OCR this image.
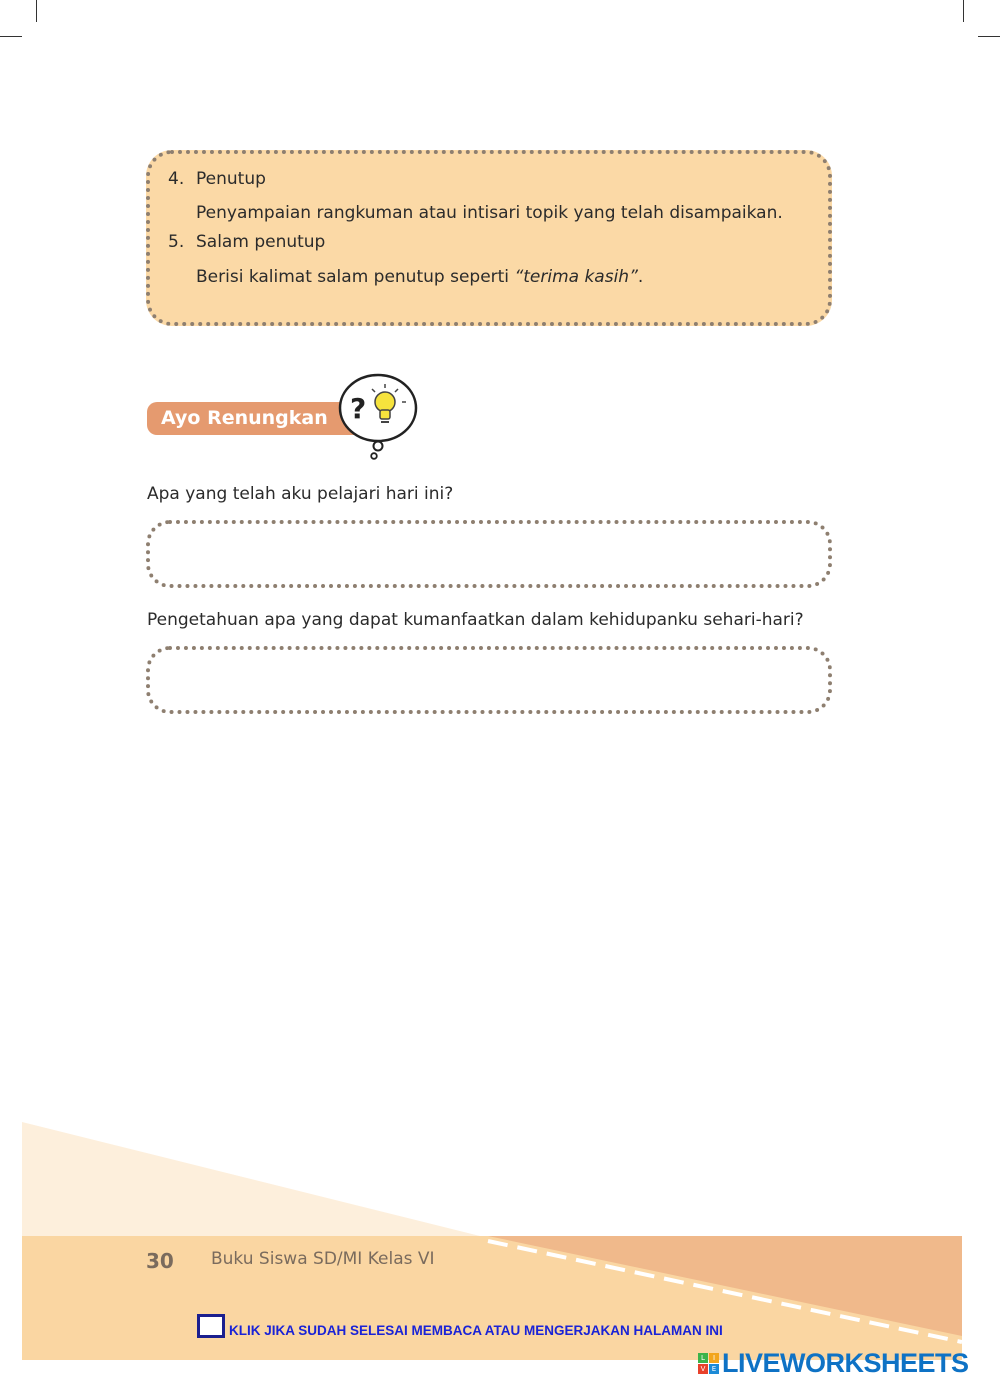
4. Penutup
Penyampaian rangkuman atau intisari topik yang telah disampaikan.
5. Salam penutup
Berisi kalimat salam penutup seperti “terima kasih”.
Ayo Renungkan ?
Apa yang telah aku pelajari hari ini?
Pengetahuan apa yang dapat kumanfaatkan dalam kehidupanku sehari-hari?
30 Buku Siswa SD/MI Kelas VI
KLIK JIKA SUDAH SELESAI MEMBACA ATAU MENGERJAKAN HALAMAN INI
L	I
V E LIVEWORKSHEETS
